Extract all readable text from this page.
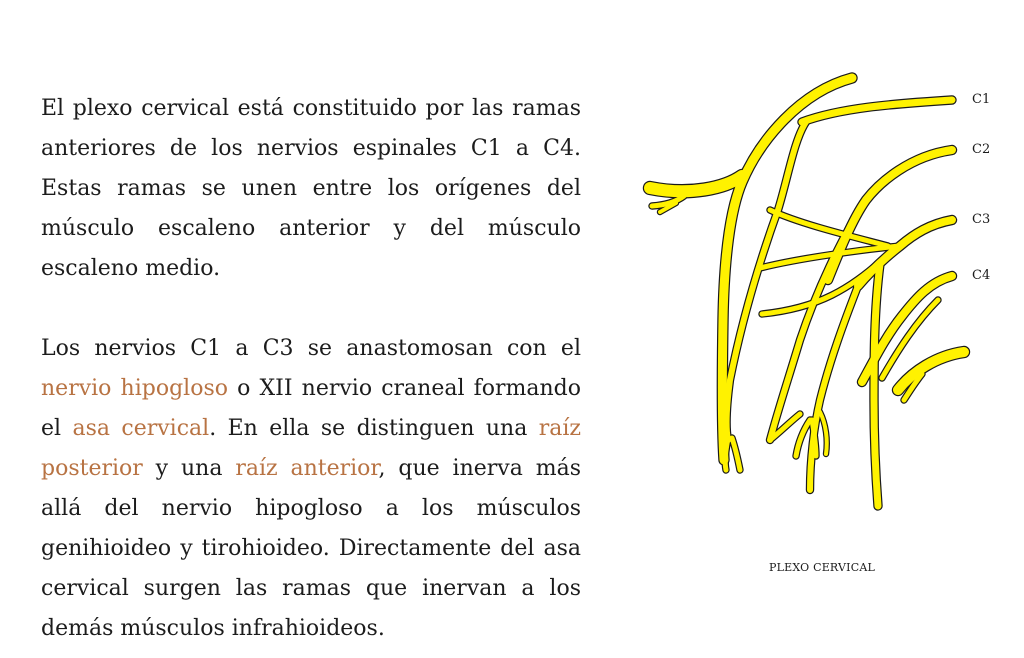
El plexo cervical está constituido por las ramas anteriores de los nervios espinales C1 a C4. Estas ramas se unen entre los orígenes del músculo escaleno anterior y del músculo escaleno medio.

Los nervios C1 a C3 se anastomosan con el nervio hipogloso o XII nervio craneal formando el asa cervical. En ella se distinguen una raíz posterior y una raíz anterior, que inerva más allá del nervio hipogloso a los músculos genihioideo y tirohioideo. Directamente del asa cervical surgen las ramas que inervan a los demás músculos infrahioideos.

C1
C2
C3
C4
PLEXO CERVICAL
